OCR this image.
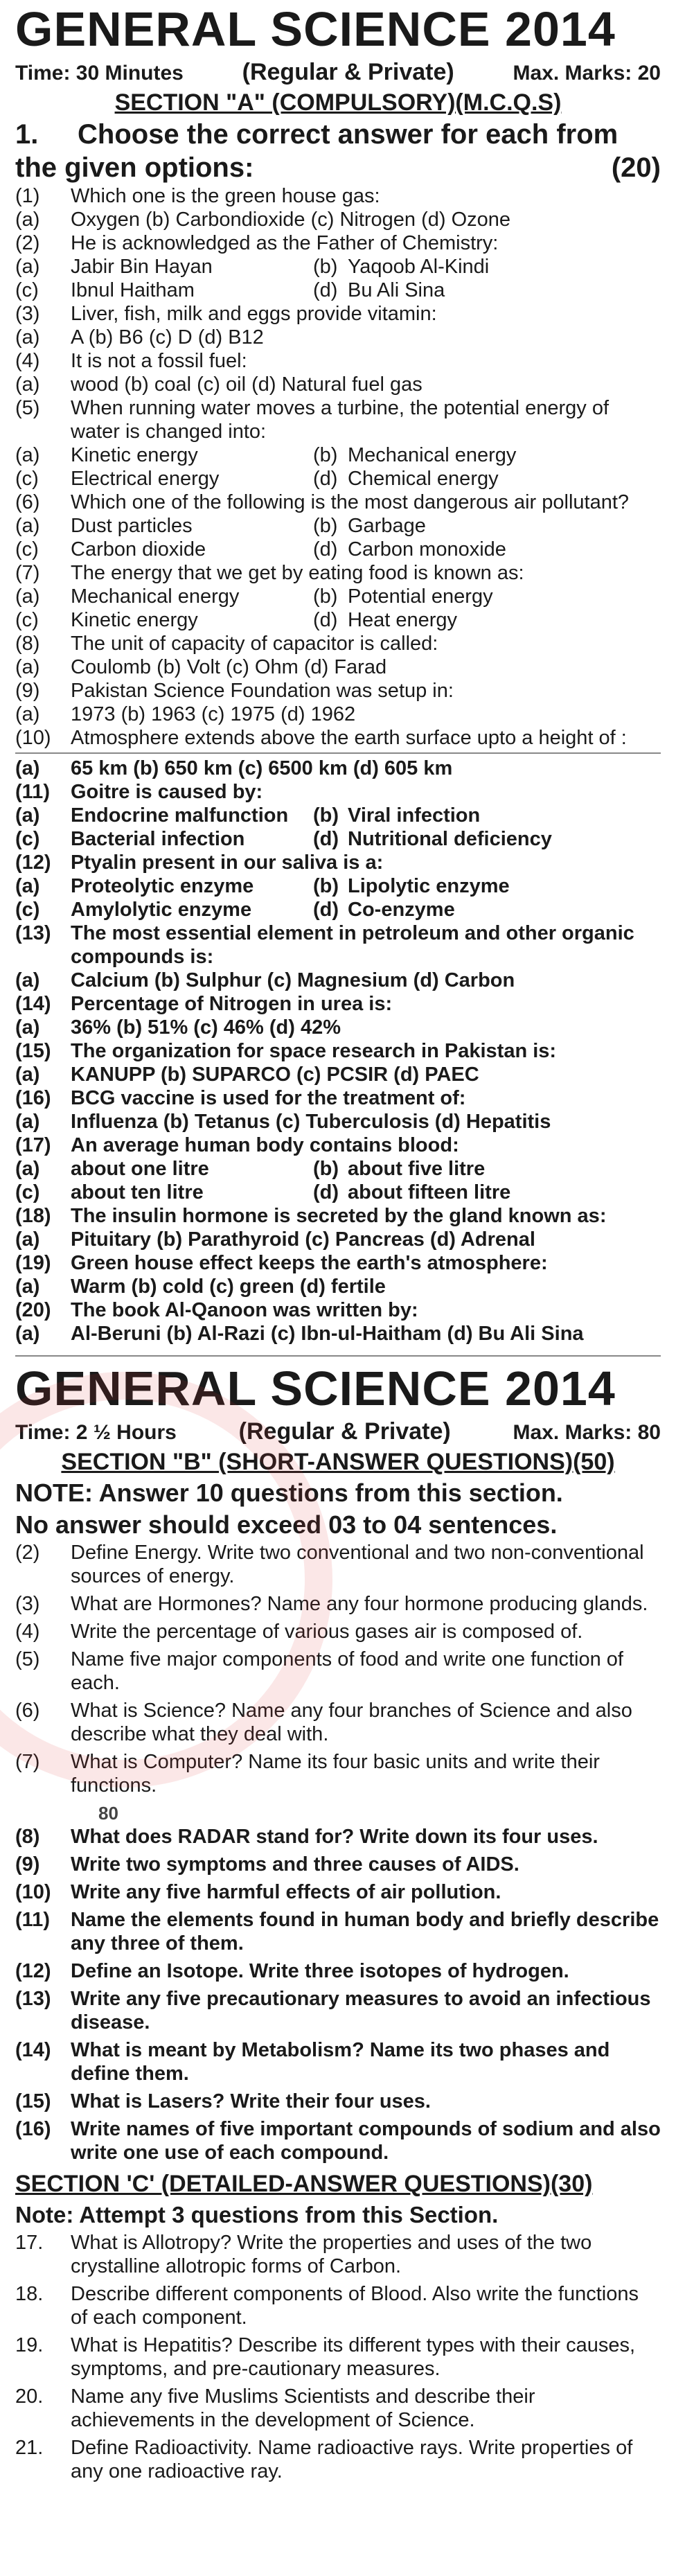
GENERAL SCIENCE 2014
Time: 30 Minutes (Regular & Private)	Max. Marks: 20
SECTION "A" (COMPULSORY)(M.C.Q.S)
1.	Choose the correct answer for each from
the given options:	(20)
(1)	Which one is the green house gas:
(a)	Oxygen (b) Carbondioxide (c) Nitrogen (d) Ozone
(2)	He is acknowledged as the Father of Chemistry:
(a)	Jabir Bin Hayan	(b) Yaqoob Al-Kindi
(c)	Ibnul Haitham	(d) Bu Ali Sina
(3)	Liver, fish, milk and eggs provide vitamin:
(a)	A (b) B6 (c) D (d) B12
(4)	It is not a fossil fuel:
(a)	wood (b) coal (c) oil (d) Natural fuel gas
(5)	When running water moves a turbine, the potential energy of water is changed into:
(a)	Kinetic energy	(b) Mechanical energy
(c)	Electrical energy	(d) Chemical energy
(6)	Which one of the following is the most dangerous air pollutant?
(a)	Dust particles	(b) Garbage
(c)	Carbon dioxide	(d) Carbon monoxide
(7)	The energy that we get by eating food is known as:
(a)	Mechanical energy	(b) Potential energy
(c)	Kinetic energy	(d) Heat energy
(8)	The unit of capacity of capacitor is called:
(a)	Coulomb (b) Volt (c) Ohm (d) Farad
(9)	Pakistan Science Foundation was setup in:
(a)	1973 (b) 1963 (c) 1975 (d) 1962
(10) Atmosphere extends above the earth surface upto a height of :
(a)	65 km (b) 650 km (c) 6500 km (d) 605 km
(11)	Goitre is caused by:
(a)	Endocrine malfunction	(b) Viral infection
(c)	Bacterial infection	(d) Nutritional deficiency
(12) Ptyalin present in our saliva is a:
(a)	Proteolytic enzyme	(b) Lipolytic enzyme
(c)	Amylolytic enzyme	(d) Co-enzyme
(13) The most essential element in petroleum and other organic compounds is:
(a)	Calcium (b) Sulphur (c) Magnesium (d) Carbon
(14) Percentage of Nitrogen in urea is:
(a)	36% (b) 51% (c) 46% (d) 42%
(15) The organization for space research in Pakistan is:
(a)	KANUPP (b) SUPARCO (c) PCSIR (d) PAEC
(16) BCG vaccine is used for the treatment of:
(a)	Influenza (b) Tetanus (c) Tuberculosis (d) Hepatitis
(17) An average human body contains blood:
(a)	about one litre	(b) about five litre
(c)	about ten litre	(d) about fifteen litre
(18) The insulin hormone is secreted by the gland known as:
(a)	Pituitary (b) Parathyroid (c) Pancreas (d) Adrenal
(19) Green house effect keeps the earth's atmosphere:
(a)	Warm (b) cold (c) green (d) fertile
(20) The book Al-Qanoon was written by:
(a)	Al-Beruni (b) Al-Razi (c) Ibn-ul-Haitham (d) Bu Ali Sina
GENERAL SCIENCE 2014
Time: 2 ½ Hours	(Regular & Private)	Max. Marks: 80
SECTION "B" (SHORT-ANSWER QUESTIONS)(50)
NOTE: Answer 10 questions from this section.
No answer should exceed 03 to 04 sentences.
(2)	Define Energy. Write two conventional and two non-conventional sources of energy.
(3)	What are Hormones? Name any four hormone producing glands.
(4)	Write the percentage of various gases air is composed of.
(5)	Name five major components of food and write one function of each.
(6)	What is Science? Name any four branches of Science and also describe what they deal with.
(7)	What is Computer? Name its four basic units and write their functions.
80
(8)	What does RADAR stand for? Write down its four uses.
(9)	Write two symptoms and three causes of AIDS.
(10) Write any five harmful effects of air pollution.
(11)	Name the elements found in human body and briefly describe any three of them.
(12) Define an Isotope. Write three isotopes of hydrogen.
(13) Write any five precautionary measures to avoid an infectious disease.
(14) What is meant by Metabolism? Name its two phases and define them.
(15) What is Lasers? Write their four uses.
(16) Write names of five important compounds of sodium and also write one use of each compound.
SECTION 'C' (DETAILED-ANSWER QUESTIONS)(30)
Note: Attempt 3 questions from this Section.
17.	What is Allotropy? Write the properties and uses of the two crystalline allotropic forms of Carbon.
18.	Describe different components of Blood. Also write the functions of each component.
19.	What is Hepatitis? Describe its different types with their causes, symptoms, and pre-cautionary measures.
20.	Name any five Muslims Scientists and describe their achievements in the development of Science.
21.	Define Radioactivity. Name radioactive rays. Write properties of any one radioactive ray.
